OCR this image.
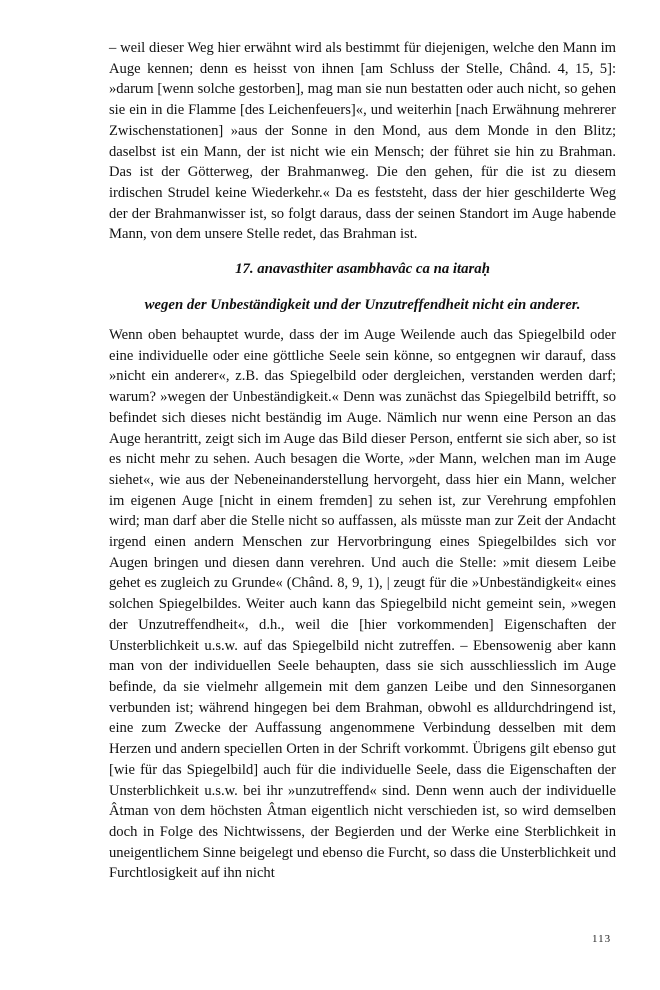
– weil dieser Weg hier erwähnt wird als bestimmt für diejenigen, welche den Mann im Auge kennen; denn es heisst von ihnen [am Schluss der Stelle, Chând. 4, 15, 5]: »darum [wenn solche gestorben], mag man sie nun bestatten oder auch nicht, so gehen sie ein in die Flamme [des Leichenfeuers]«, und weiterhin [nach Erwähnung mehrerer Zwischenstationen] »aus der Sonne in den Mond, aus dem Monde in den Blitz; daselbst ist ein Mann, der ist nicht wie ein Mensch; der führet sie hin zu Brahman. Das ist der Götterweg, der Brahmanweg. Die den gehen, für die ist zu diesem irdischen Strudel keine Wiederkehr.« Da es feststeht, dass der hier geschilderte Weg der der Brahmanwisser ist, so folgt daraus, dass der seinen Standort im Auge habende Mann, von dem unsere Stelle redet, das Brahman ist.

17. anavasthiter asambhavâc ca na itaraḥ

wegen der Unbeständigkeit und der Unzutreffendheit nicht ein anderer.

Wenn oben behauptet wurde, dass der im Auge Weilende auch das Spiegelbild oder eine individuelle oder eine göttliche Seele sein könne, so entgegnen wir darauf, dass »nicht ein anderer«, z.B. das Spiegelbild oder dergleichen, verstanden werden darf; warum? »wegen der Unbeständigkeit.« Denn was zunächst das Spiegelbild betrifft, so befindet sich dieses nicht beständig im Auge. Nämlich nur wenn eine Person an das Auge herantritt, zeigt sich im Auge das Bild dieser Person, entfernt sie sich aber, so ist es nicht mehr zu sehen. Auch besagen die Worte, »der Mann, welchen man im Auge siehet«, wie aus der Nebeneinanderstellung hervorgeht, dass hier ein Mann, welcher im eigenen Auge [nicht in einem fremden] zu sehen ist, zur Verehrung empfohlen wird; man darf aber die Stelle nicht so auffassen, als müsste man zur Zeit der Andacht irgend einen andern Menschen zur Hervorbringung eines Spiegelbildes sich vor Augen bringen und diesen dann verehren. Und auch die Stelle: »mit diesem Leibe gehet es zugleich zu Grunde« (Chând. 8, 9, 1), | zeugt für die »Unbeständigkeit« eines solchen Spiegelbildes. Weiter auch kann das Spiegelbild nicht gemeint sein, »wegen der Unzutreffendheit«, d.h., weil die [hier vorkommenden] Eigenschaften der Unsterblichkeit u.s.w. auf das Spiegelbild nicht zutreffen. – Ebensowenig aber kann man von der individuellen Seele behaupten, dass sie sich ausschliesslich im Auge befinde, da sie vielmehr allgemein mit dem ganzen Leibe und den Sinnesorganen verbunden ist; während hingegen bei dem Brahman, obwohl es alldurchdringend ist, eine zum Zwecke der Auffassung angenommene Verbindung desselben mit dem Herzen und andern speciellen Orten in der Schrift vorkommt. Übrigens gilt ebenso gut [wie für das Spiegelbild] auch für die individuelle Seele, dass die Eigenschaften der Unsterblichkeit u.s.w. bei ihr »unzutreffend« sind. Denn wenn auch der individuelle Âtman von dem höchsten Âtman eigentlich nicht verschieden ist, so wird demselben doch in Folge des Nichtwissens, der Begierden und der Werke eine Sterblichkeit in uneigentlichem Sinne beigelegt und ebenso die Furcht, so dass die Unsterblichkeit und Furchtlosigkeit auf ihn nicht

113
